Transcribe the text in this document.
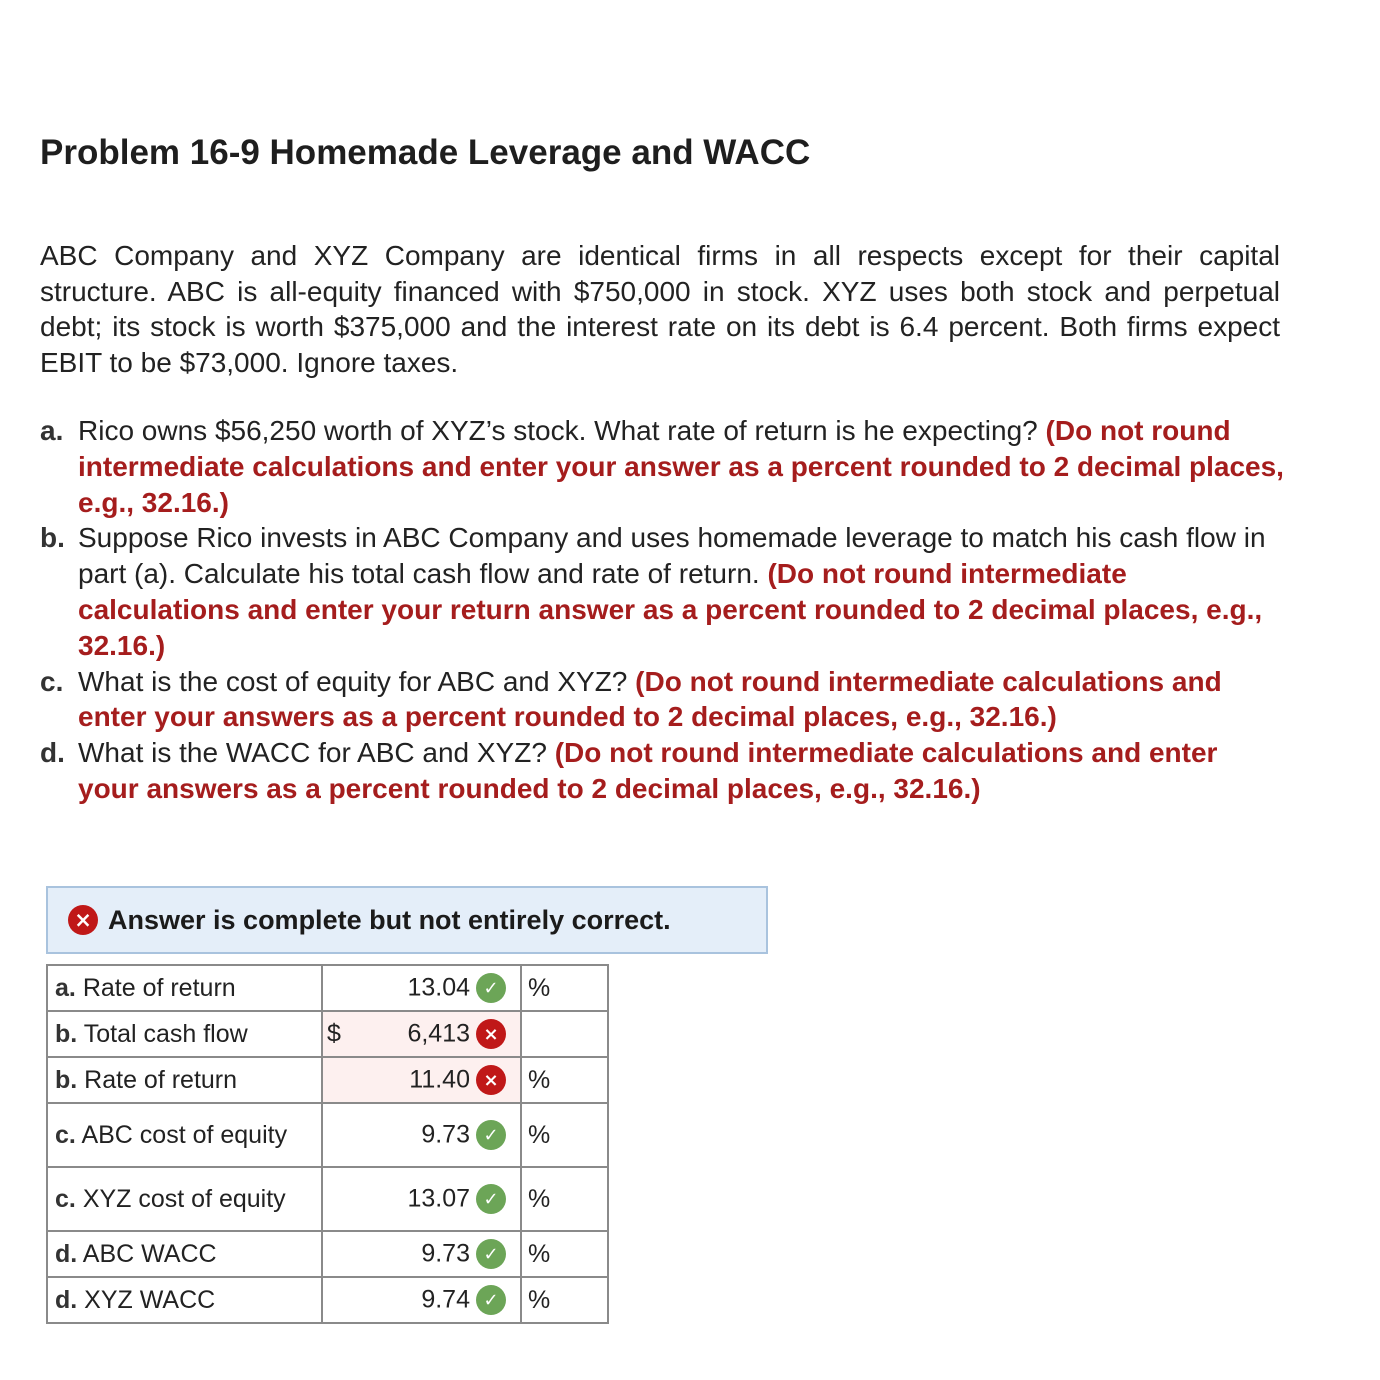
Problem 16-9 Homemade Leverage and WACC

ABC Company and XYZ Company are identical firms in all respects except for their capital structure. ABC is all-equity financed with $750,000 in stock. XYZ uses both stock and perpetual debt; its stock is worth $375,000 and the interest rate on its debt is 6.4 percent. Both firms expect EBIT to be $73,000. Ignore taxes.

a. Rico owns $56,250 worth of XYZ’s stock. What rate of return is he expecting? (Do not round intermediate calculations and enter your answer as a percent rounded to 2 decimal places, e.g., 32.16.)
b. Suppose Rico invests in ABC Company and uses homemade leverage to match his cash flow in part (a). Calculate his total cash flow and rate of return. (Do not round intermediate calculations and enter your return answer as a percent rounded to 2 decimal places, e.g., 32.16.)
c. What is the cost of equity for ABC and XYZ? (Do not round intermediate calculations and enter your answers as a percent rounded to 2 decimal places, e.g., 32.16.)
d. What is the WACC for ABC and XYZ? (Do not round intermediate calculations and enter your answers as a percent rounded to 2 decimal places, e.g., 32.16.)
× Answer is complete but not entirely correct.
a. Rate of return	13.04 ✓	%
b. Total cash flow	$ 6,413 ×	

b. Rate of return	11.40 ×	%
c. ABC cost of equity	9.73 ✓	%
c. XYZ cost of equity	13.07 ✓	%
d. ABC WACC	9.73 ✓	%
d. XYZ WACC	9.74 ✓	%
